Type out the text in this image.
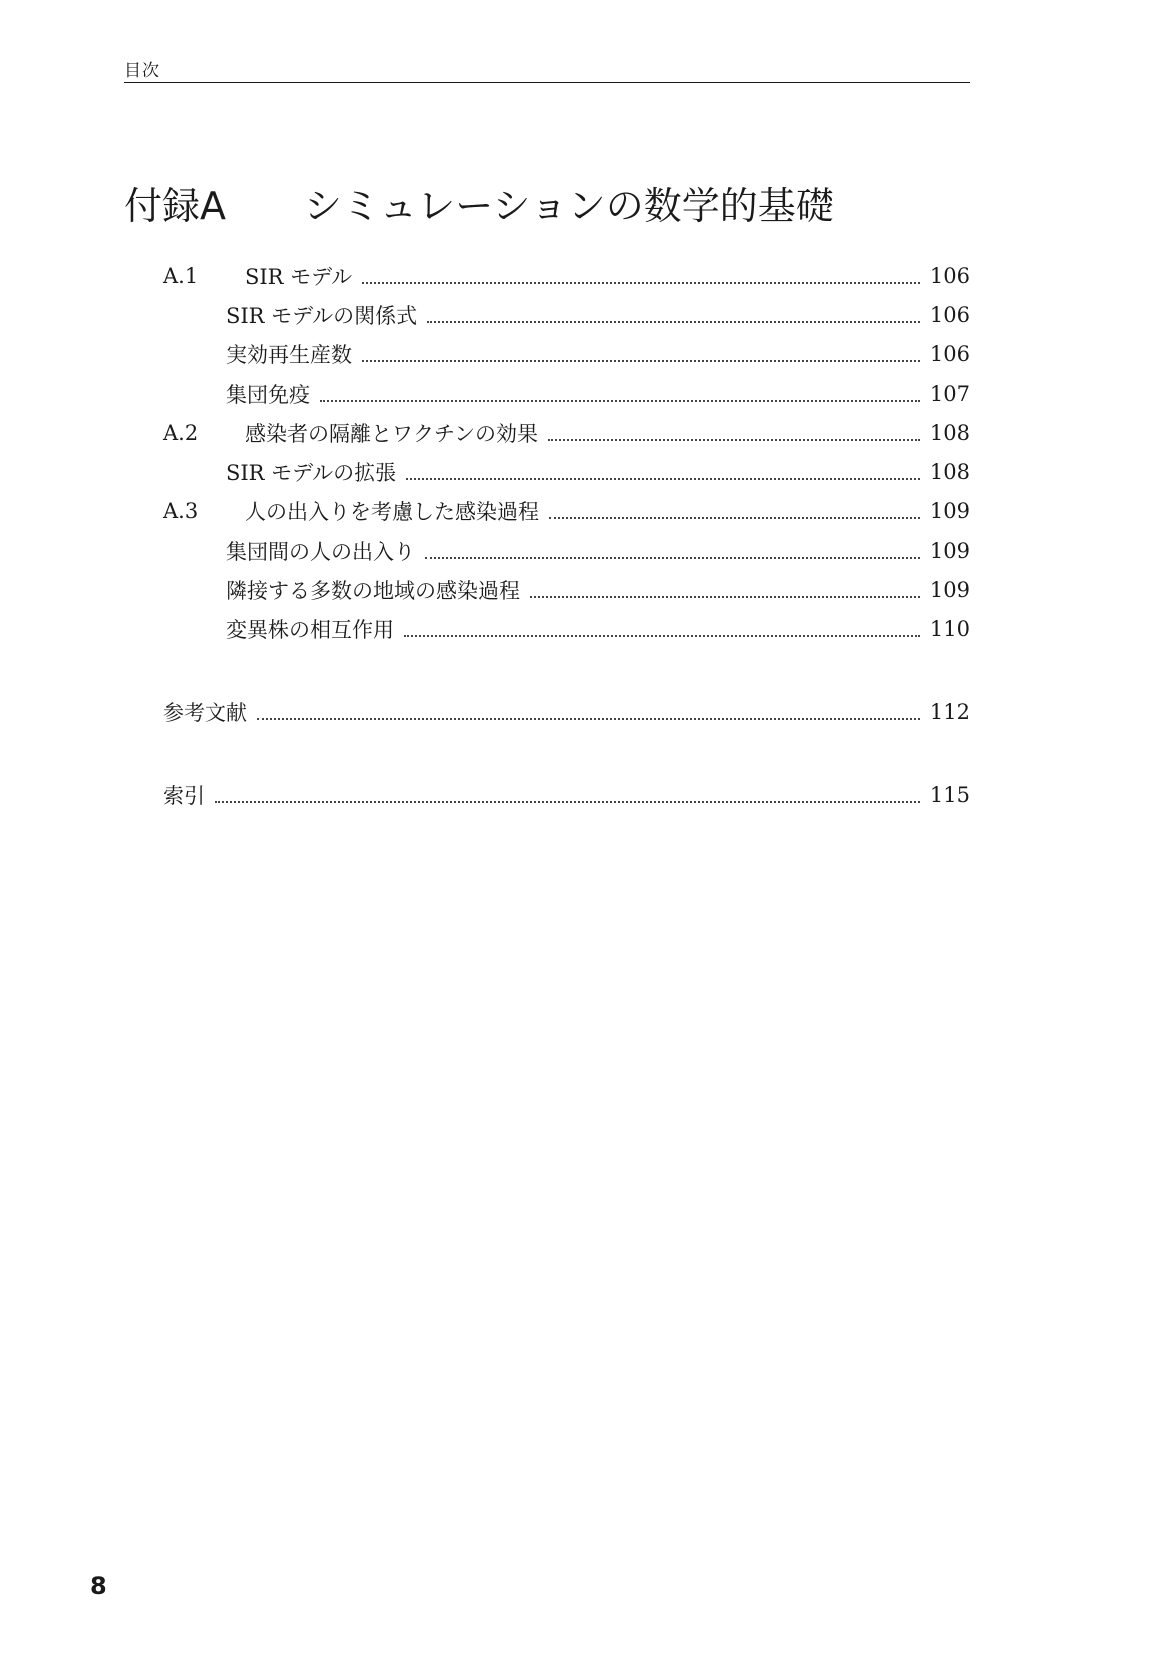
目次
付録A	シミュレーションの数学的基礎
A.1	SIR モデル	106
SIR モデルの関係式	106
実効再生産数	106
集団免疫	107
A.2	感染者の隔離とワクチンの効果	108
SIR モデルの拡張	108
A.3	人の出入りを考慮した感染過程	109
集団間の人の出入り	109
隣接する多数の地域の感染過程	109
変異株の相互作用	110
参考文献	112
索引	115
8
